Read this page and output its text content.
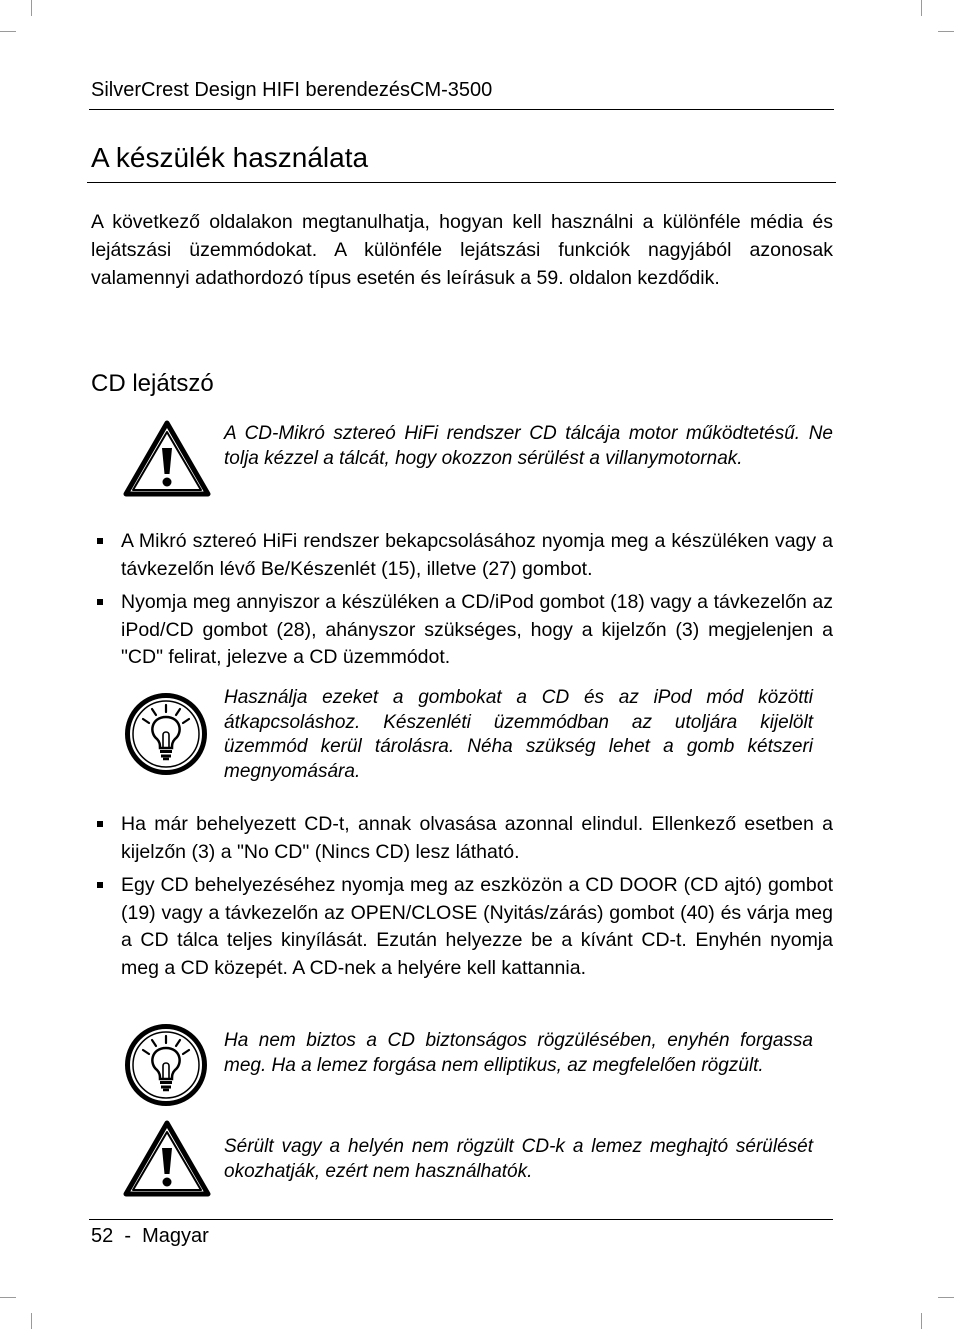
SilverCrest Design HIFI berendezésCM-3500
A készülék használata
A következő oldalakon megtanulhatja, hogyan kell használni a különféle média és lejátszási üzemmódokat. A különféle lejátszási funkciók nagyjából azonosak valamennyi adathordozó típus esetén és leírásuk a 59. oldalon kezdődik.
CD lejátszó
A CD-Mikró sztereó HiFi rendszer CD tálcája motor működtetésű. Ne tolja kézzel a tálcát, hogy okozzon sérülést a villanymotornak.
A Mikró sztereó HiFi rendszer bekapcsolásához nyomja meg a készüléken vagy a távkezelőn lévő Be/Készenlét (15), illetve (27) gombot.
Nyomja meg annyiszor a készüléken a CD/iPod gombot (18) vagy a távkezelőn az iPod/CD gombot (28), ahányszor szükséges, hogy a kijelzőn (3) megjelenjen a "CD" felirat, jelezve a CD üzemmódot.
Használja ezeket a gombokat a CD és az iPod mód közötti átkapcsoláshoz. Készenléti üzemmódban az utoljára kijelölt üzemmód kerül tárolásra. Néha szükség lehet a gomb kétszeri megnyomására.
Ha már behelyezett CD-t, annak olvasása azonnal elindul. Ellenkező esetben a kijelzőn (3) a "No CD" (Nincs CD) lesz látható.
Egy CD behelyezéséhez nyomja meg az eszközön a CD DOOR (CD ajtó) gombot (19) vagy a távkezelőn az OPEN/CLOSE (Nyitás/zárás) gombot (40) és várja meg a CD tálca teljes kinyílását. Ezután helyezze be a kívánt CD-t. Enyhén nyomja meg a CD közepét. A CD-nek a helyére kell kattannia.
Ha nem biztos a CD biztonságos rögzülésében, enyhén forgassa meg. Ha a lemez forgása nem elliptikus, az megfelelően rögzült.
Sérült vagy a helyén nem rögzült CD-k a lemez meghajtó sérülését okozhatják, ezért nem használhatók.
52  -  Magyar
